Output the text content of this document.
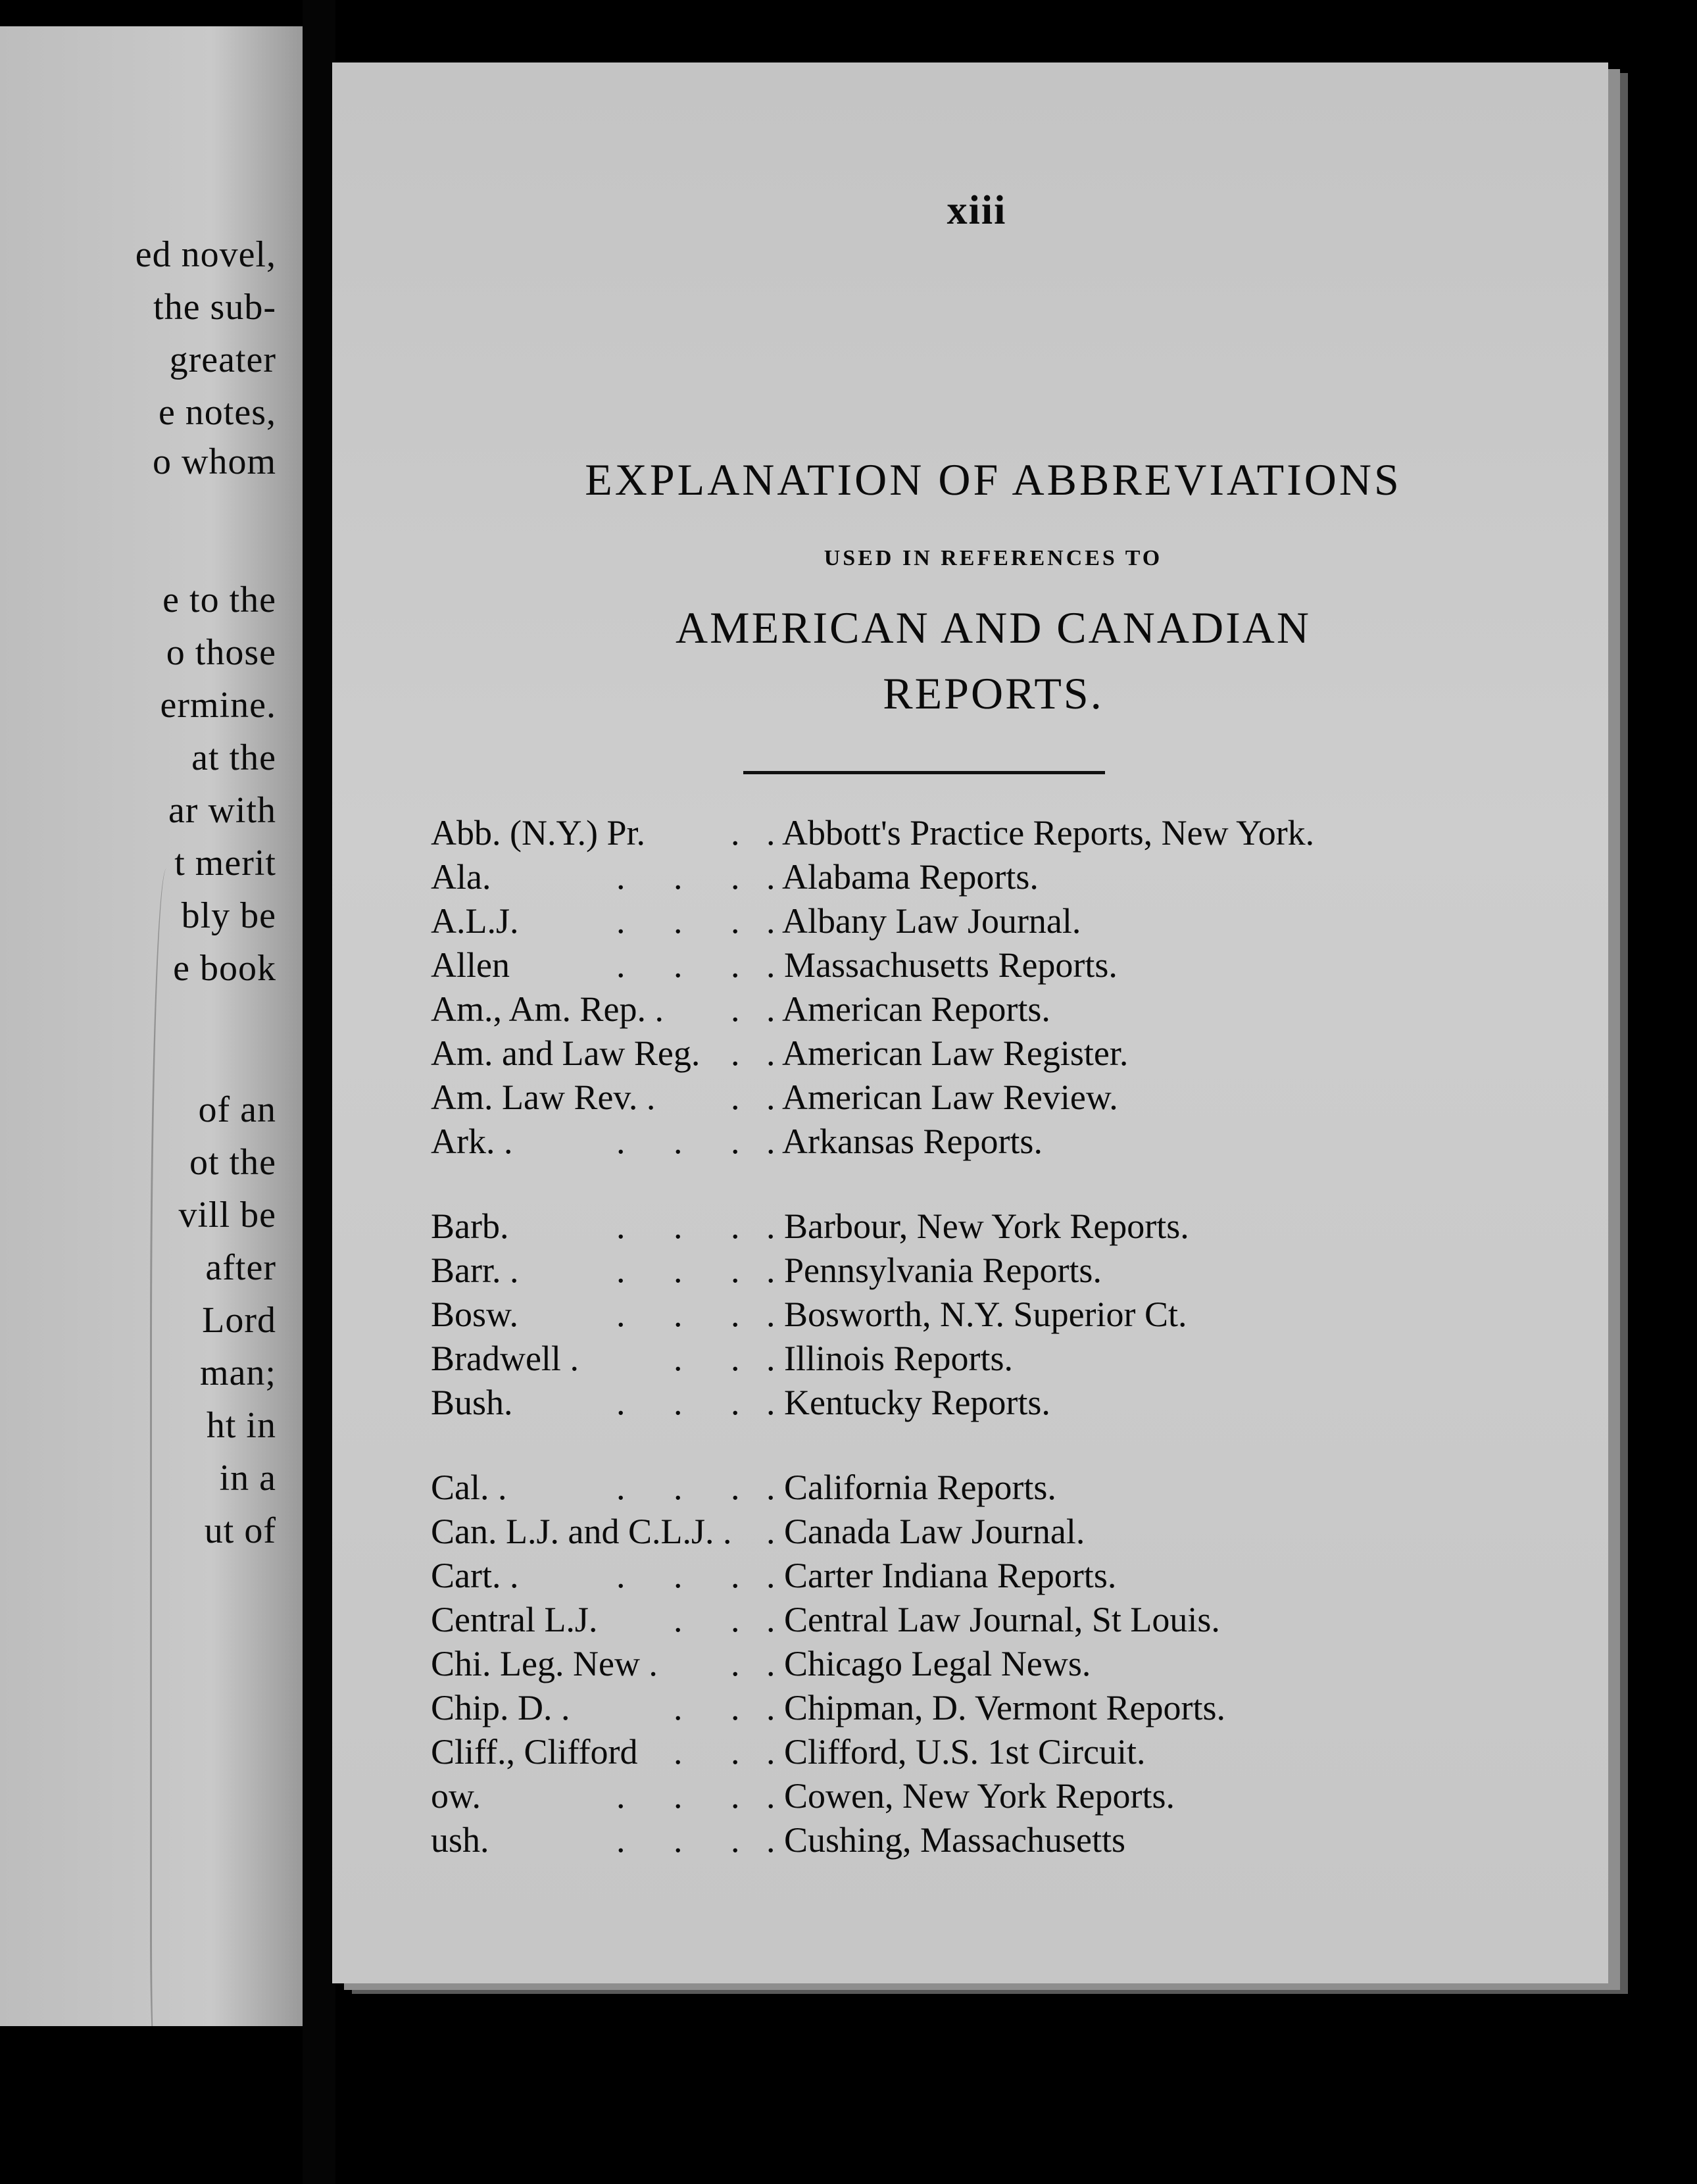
ed novel,
the sub-
greater
e notes,
o whom
e to the
o those
ermine.
at the
ar with
t merit
bly be
e book
of an
ot the
vill be
after
Lord
man;
ht in
in a
ut of
xiii
EXPLANATION OF ABBREVIATIONS
USED IN REFERENCES TO
AMERICAN AND CANADIAN
REPORTS.
Abb. (N.Y.) Pr. . . Abbott's Practice Reports, New York.
Ala.	. . . . Alabama Reports.
A.L.J.	. . . . Albany Law Journal.
Allen	. . . . Massachusetts Reports.
Am., Am. Rep. . . . American Reports.
Am. and Law Reg. . . American Law Register.
Am. Law Rev. . . . American Law Review.
Ark. .	. . . . Arkansas Reports.
Barb.	. . . . Barbour, New York Reports.
Barr. .	. . . . Pennsylvania Reports.
Bosw.	. . . . Bosworth, N.Y. Superior Ct.
Bradwell .	. . . Illinois Reports.
Bush.	. . . . Kentucky Reports.
Cal. .	. . . . California Reports.
Can. L.J. and C.L.J. . . Canada Law Journal.
Cart. .	. . . . Carter Indiana Reports.
Central L.J. . . . Central Law Journal, St Louis.
Chi. Leg. New . . . Chicago Legal News.
Chip. D. .	. . . Chipman, D. Vermont Reports.
Cliff., Clifford . . . Clifford, U.S. 1st Circuit.
ow.	. . . . Cowen, New York Reports.
ush.	. . . . Cushing, Massachusetts
